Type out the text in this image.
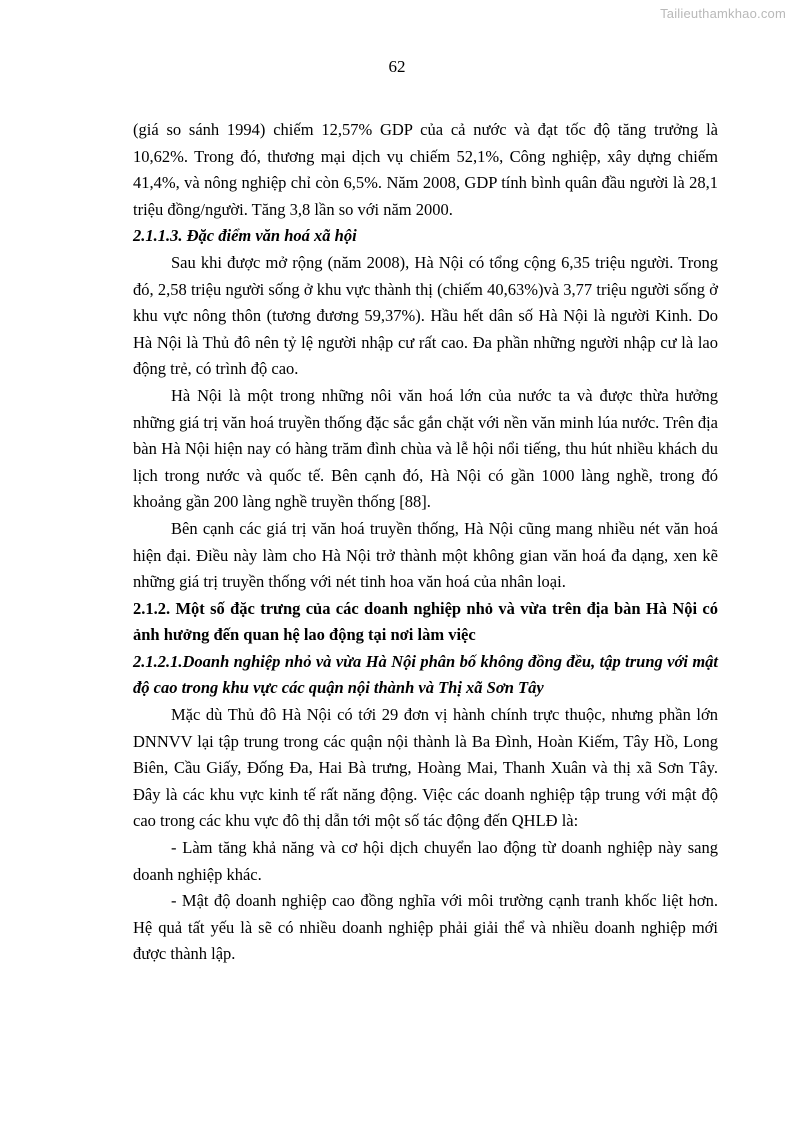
Tailieuthamkhao.com
62

(giá so sánh 1994) chiếm 12,57% GDP của cả nước và đạt tốc độ tăng trưởng là 10,62%. Trong đó, thương mại dịch vụ chiếm 52,1%, Công nghiệp, xây dựng chiếm 41,4%, và nông nghiệp chỉ còn 6,5%. Năm 2008, GDP tính bình quân đầu người là 28,1 triệu đồng/người. Tăng 3,8 lần so với năm 2000.

2.1.1.3. Đặc điểm văn hoá xã hội

Sau khi được mở rộng (năm 2008), Hà Nội có tổng cộng 6,35 triệu người. Trong đó, 2,58 triệu người sống ở khu vực thành thị (chiếm 40,63%)và 3,77 triệu người sống ở khu vực nông thôn (tương đương 59,37%). Hầu hết dân số Hà Nội là người Kinh. Do Hà Nội là Thủ đô nên tỷ lệ người nhập cư rất cao. Đa phần những người nhập cư là lao động trẻ, có trình độ cao.

Hà Nội là một trong những nôi văn hoá lớn của nước ta và được thừa hưởng những giá trị văn hoá truyền thống đặc sắc gắn chặt với nền văn minh lúa nước. Trên địa bàn Hà Nội hiện nay có hàng trăm đình chùa và lễ hội nổi tiếng, thu hút nhiều khách du lịch trong nước và quốc tế. Bên cạnh đó, Hà Nội có gần 1000 làng nghề, trong đó khoảng gần 200 làng nghề truyền thống [88].

Bên cạnh các giá trị văn hoá truyền thống, Hà Nội cũng mang nhiều nét văn hoá hiện đại. Điều này làm cho Hà Nội trở thành một không gian văn hoá đa dạng, xen kẽ những giá trị truyền thống với nét tinh hoa văn hoá của nhân loại.

2.1.2. Một số đặc trưng của các doanh nghiệp nhỏ và vừa trên địa bàn Hà Nội có ảnh hưởng đến quan hệ lao động tại nơi làm việc

2.1.2.1.Doanh nghiệp nhỏ và vừa Hà Nội phân bố không đồng đều, tập trung với mật độ cao trong khu vực các quận nội thành và Thị xã Sơn Tây

Mặc dù Thủ đô Hà Nội có tới 29 đơn vị hành chính trực thuộc, nhưng phần lớn DNNVV lại tập trung trong các quận nội thành là Ba Đình, Hoàn Kiếm, Tây Hồ, Long Biên, Cầu Giấy, Đống Đa, Hai Bà trưng, Hoàng Mai, Thanh Xuân và thị xã Sơn Tây. Đây là các khu vực kinh tế rất năng động. Việc các doanh nghiệp tập trung với mật độ cao trong các khu vực đô thị dẫn tới một số tác động đến QHLĐ là:

- Làm tăng khả năng và cơ hội dịch chuyển lao động từ doanh nghiệp này sang doanh nghiệp khác.

- Mật độ doanh nghiệp cao đồng nghĩa với môi trường cạnh tranh khốc liệt hơn. Hệ quả tất yếu là sẽ có nhiều doanh nghiệp phải giải thể và nhiều doanh nghiệp mới được thành lập.
